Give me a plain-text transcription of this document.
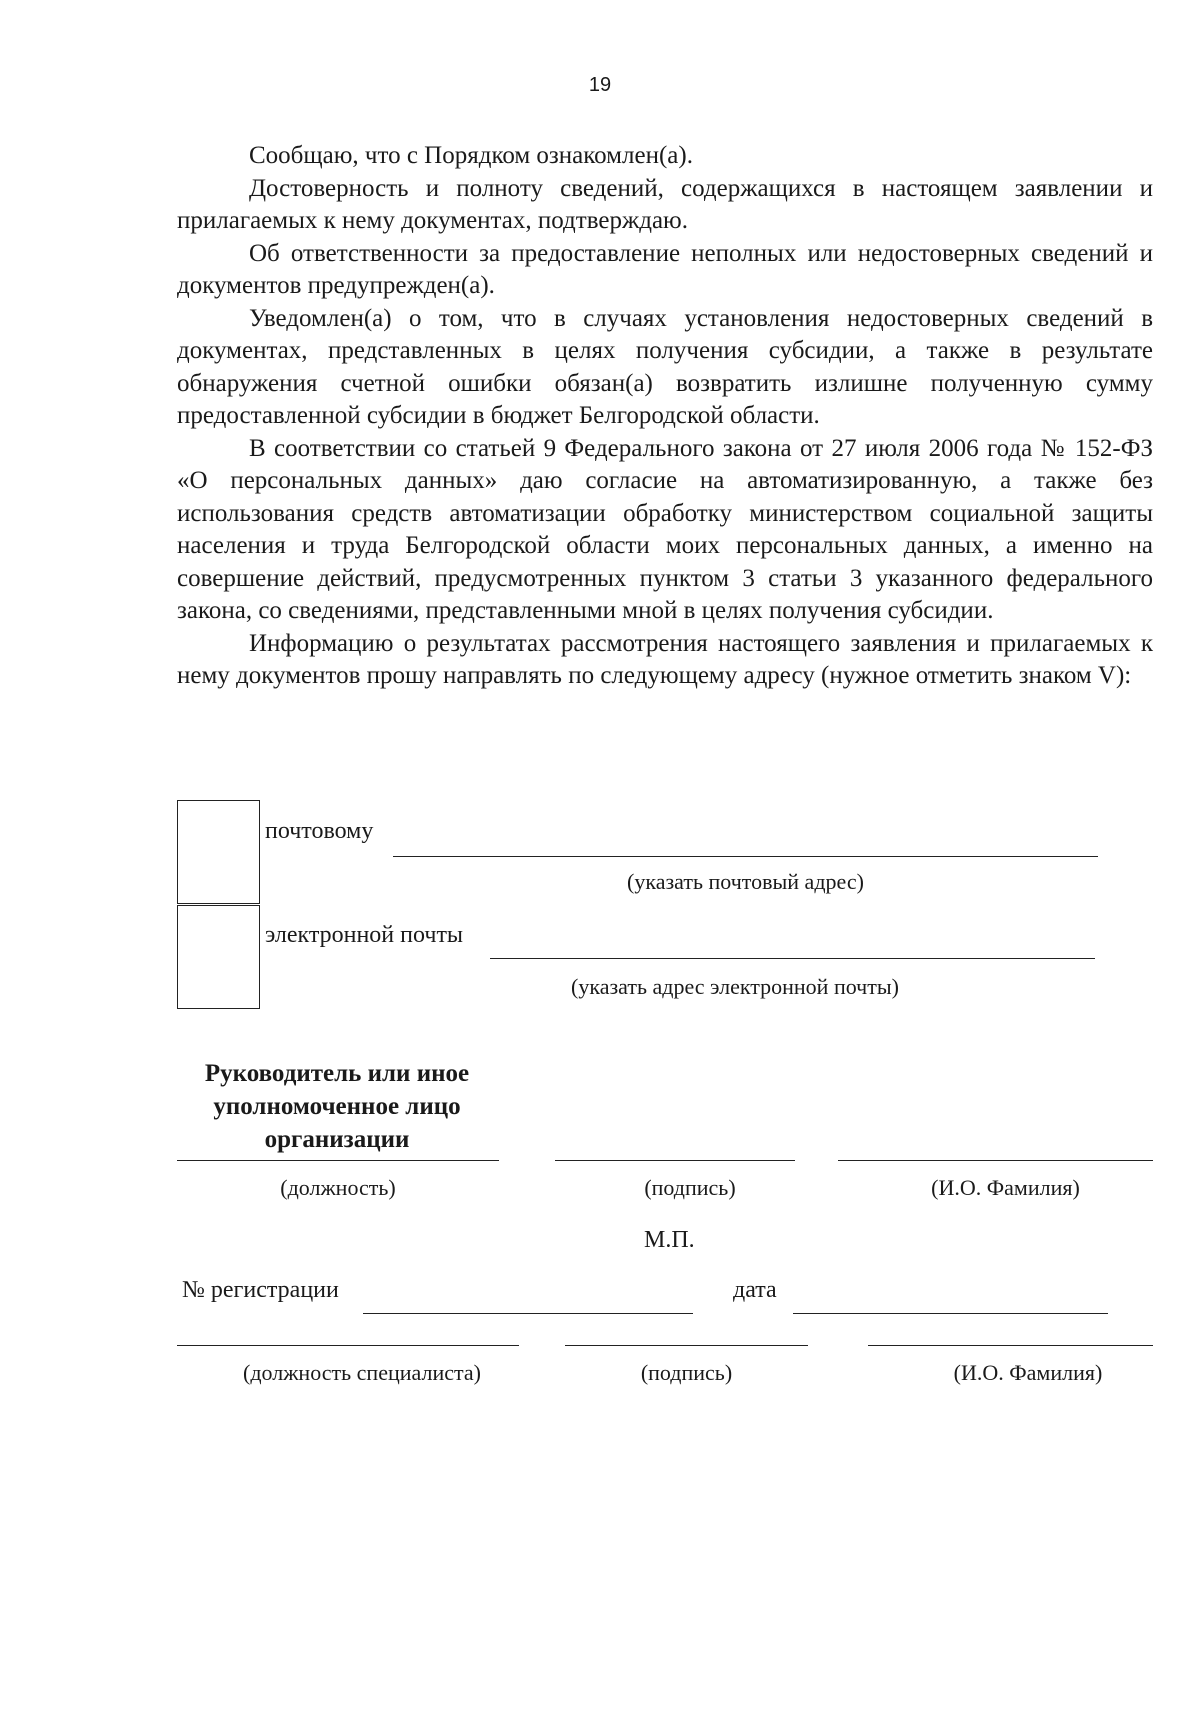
19

Сообщаю, что с Порядком ознакомлен(а).

Достоверность и полноту сведений, содержащихся в настоящем заявлении и прилагаемых к нему документах, подтверждаю.

Об ответственности за предоставление неполных или недостоверных сведений и документов предупрежден(а).

Уведомлен(а) о том, что в случаях установления недостоверных сведений в документах, представленных в целях получения субсидии, а также в результате обнаружения счетной ошибки обязан(а) возвратить излишне полученную сумму предоставленной субсидии в бюджет Белгородской области.

В соответствии со статьей 9 Федерального закона от 27 июля 2006 года № 152-ФЗ «О персональных данных» даю согласие на автоматизированную, а также без использования средств автоматизации обработку министерством социальной защиты населения и труда Белгородской области моих персональных данных, а именно на совершение действий, предусмотренных пунктом 3 статьи 3 указанного федерального закона, со сведениями, представленными мной в целях получения субсидии.

Информацию о результатах рассмотрения настоящего заявления и прилагаемых к нему документов прошу направлять по следующему адресу (нужное отметить знаком V):

почтовому
(указать почтовый адрес)
электронной почты
(указать адрес электронной почты)
Руководитель или иное
уполномоченное лицо
организации
(должность)	(подпись)	(И.О. Фамилия)
М.П.
№ регистрации	дата
(должность специалиста)	(подпись)	(И.О. Фамилия)
